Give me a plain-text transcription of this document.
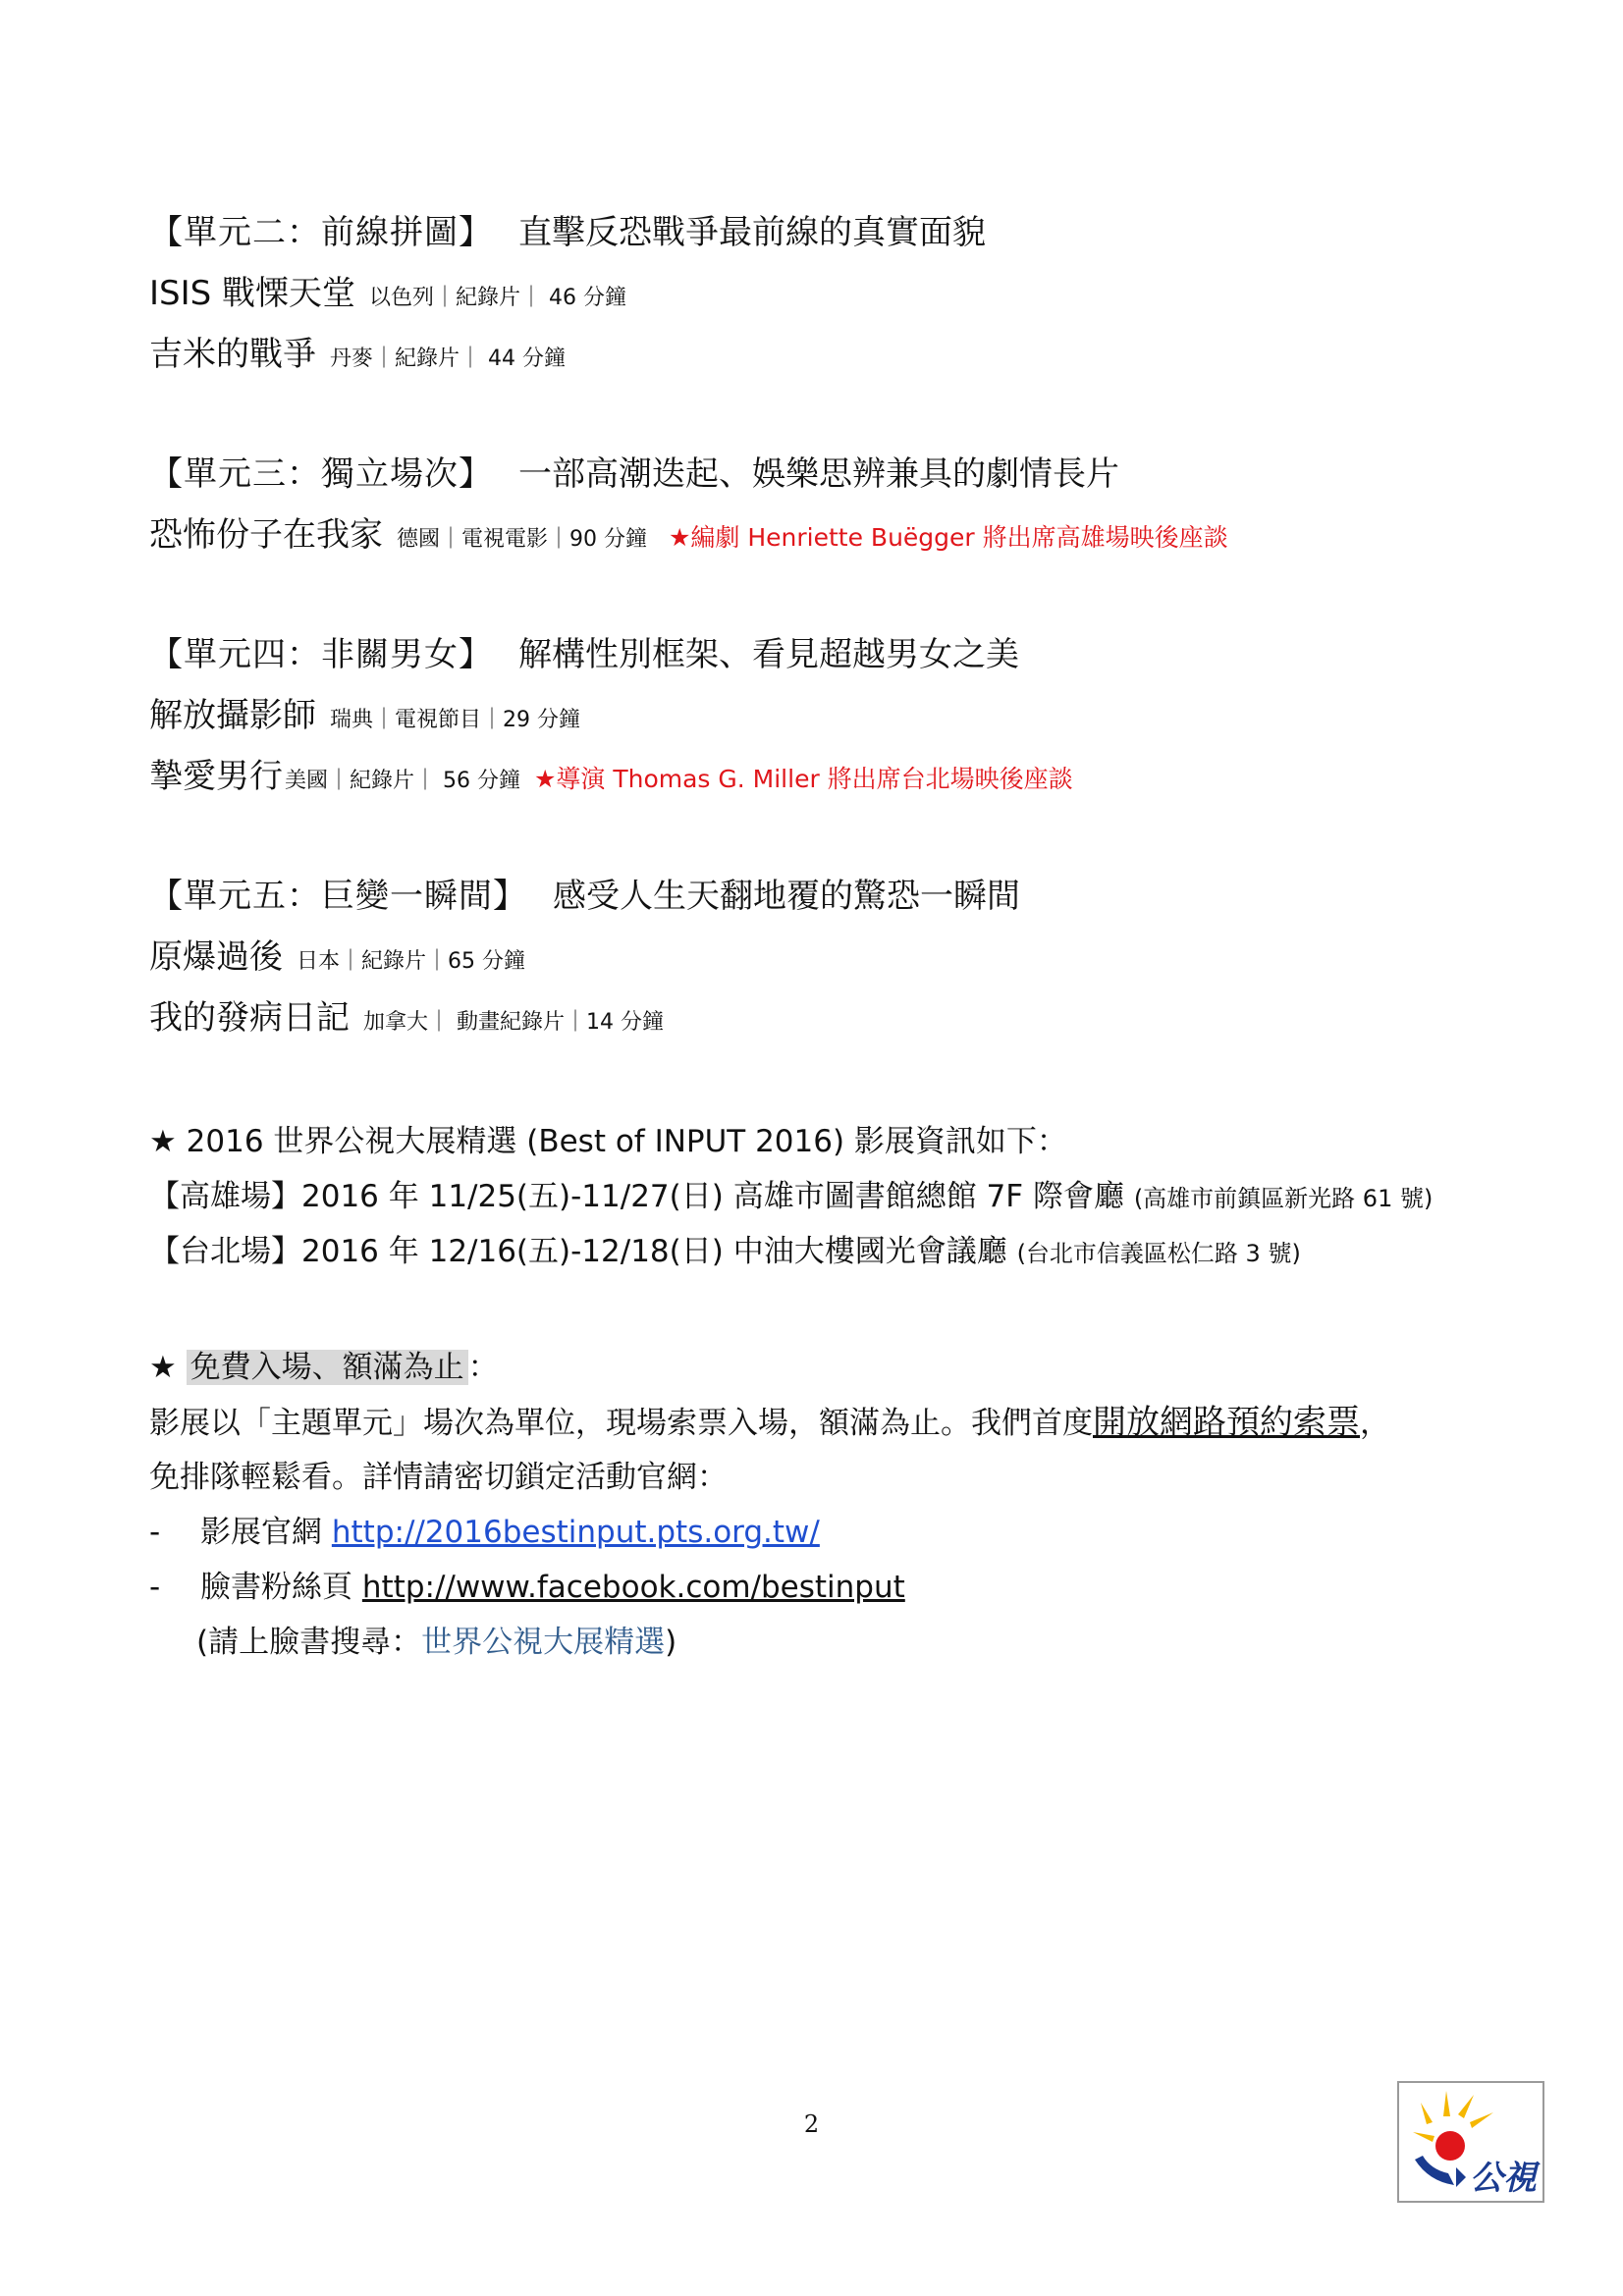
【單元二：前線拼圖】 直擊反恐戰爭最前線的真實面貌
ISIS 戰慄天堂 以色列｜紀錄片｜ 46 分鐘
吉米的戰爭 丹麥｜紀錄片｜ 44 分鐘
【單元三：獨立場次】 一部高潮迭起、娛樂思辨兼具的劇情長片
恐怖份子在我家 德國｜電視電影｜90 分鐘 ★編劇 Henriette Buëgger 將出席高雄場映後座談
【單元四：非關男女】 解構性別框架、看見超越男女之美
解放攝影師 瑞典｜電視節目｜29 分鐘
摯愛男行美國｜紀錄片｜ 56 分鐘 ★導演 Thomas G. Miller 將出席台北場映後座談
【單元五：巨變一瞬間】 感受人生天翻地覆的驚恐一瞬間
原爆過後 日本｜紀錄片｜65 分鐘
我的發病日記 加拿大｜ 動畫紀錄片｜14 分鐘
★ 2016 世界公視大展精選 (Best of INPUT 2016) 影展資訊如下：
【高雄場】2016 年 11/25(五)-11/27(日) 高雄市圖書館總館 7F 際會廳 (高雄市前鎮區新光路 61 號)
【台北場】2016 年 12/16(五)-12/18(日) 中油大樓國光會議廳 (台北市信義區松仁路 3 號)
★ 免費入場、額滿為止 ：
影展以「主題單元」場次為單位，現場索票入場，額滿為止。我們首度開放網路預約索票，
免排隊輕鬆看。詳情請密切鎖定活動官網：
- 影展官網 http://2016bestinput.pts.org.tw/
- 臉書粉絲頁 http://www.facebook.com/bestinput
(請上臉書搜尋：世界公視大展精選)
2
公視
